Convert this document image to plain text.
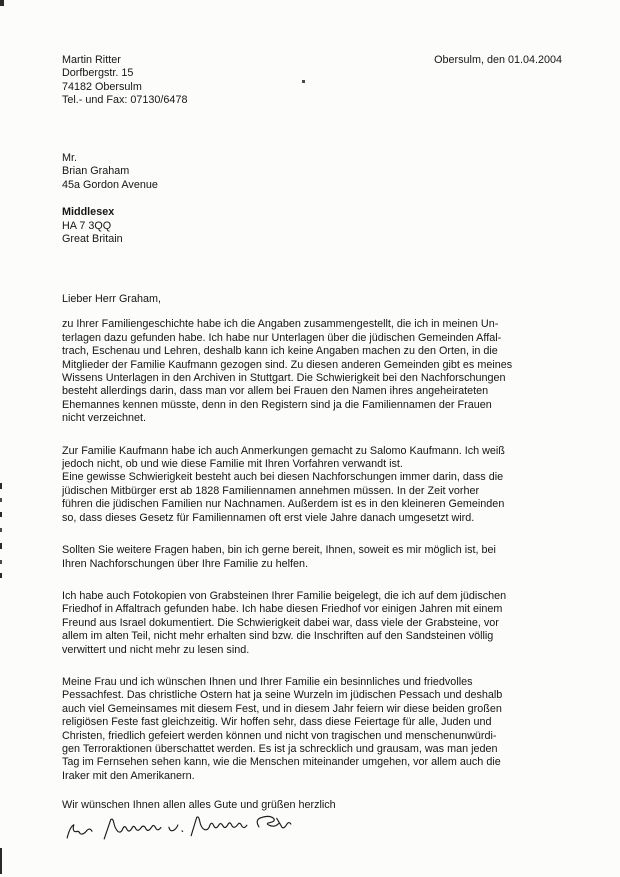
Martin Ritter
Dorfbergstr. 15
74182 Obersulm
Tel.- und Fax: 07130/6478
Obersulm, den 01.04.2004
Mr.
Brian Graham
45a Gordon Avenue
Middlesex
HA 7 3QQ
Great Britain
Lieber Herr Graham,
zu Ihrer Familiengeschichte habe ich die Angaben zusammengestellt, die ich in meinen Un-
terlagen dazu gefunden habe. Ich habe nur Unterlagen über die jüdischen Gemeinden Affal-
trach, Eschenau und Lehren, deshalb kann ich keine Angaben machen zu den Orten, in die
Mitglieder der Familie Kaufmann gezogen sind. Zu diesen anderen Gemeinden gibt es meines
Wissens Unterlagen in den Archiven in Stuttgart. Die Schwierigkeit bei den Nachforschungen
besteht allerdings darin, dass man vor allem bei Frauen den Namen ihres angeheirateten
Ehemannes kennen müsste, denn in den Registern sind ja die Familiennamen der Frauen
nicht verzeichnet.
Zur Familie Kaufmann habe ich auch Anmerkungen gemacht zu Salomo Kaufmann. Ich weiß
jedoch nicht, ob und wie diese Familie mit Ihren Vorfahren verwandt ist.
Eine gewisse Schwierigkeit besteht auch bei diesen Nachforschungen immer darin, dass die
jüdischen Mitbürger erst ab 1828 Familiennamen annehmen müssen. In der Zeit vorher
führen die jüdischen Familien nur Nachnamen. Außerdem ist es in den kleineren Gemeinden
so, dass dieses Gesetz für Familiennamen oft erst viele Jahre danach umgesetzt wird.
Sollten Sie weitere Fragen haben, bin ich gerne bereit, Ihnen, soweit es mir möglich ist, bei
Ihren Nachforschungen über Ihre Familie zu helfen.
Ich habe auch Fotokopien von Grabsteinen Ihrer Familie beigelegt, die ich auf dem jüdischen
Friedhof in Affaltrach gefunden habe. Ich habe diesen Friedhof vor einigen Jahren mit einem
Freund aus Israel dokumentiert. Die Schwierigkeit dabei war, dass viele der Grabsteine, vor
allem im alten Teil, nicht mehr erhalten sind bzw. die Inschriften auf den Sandsteinen völlig
verwittert und nicht mehr zu lesen sind.
Meine Frau und ich wünschen Ihnen und Ihrer Familie ein besinnliches und friedvolles
Pessachfest. Das christliche Ostern hat ja seine Wurzeln im jüdischen Pessach und deshalb
auch viel Gemeinsames mit diesem Fest, und in diesem Jahr feiern wir diese beiden großen
religiösen Feste fast gleichzeitig. Wir hoffen sehr, dass diese Feiertage für alle, Juden und
Christen, friedlich gefeiert werden können und nicht von tragischen und menschenunwürdi-
gen Terroraktionen überschattet werden. Es ist ja schrecklich und grausam, was man jeden
Tag im Fernsehen sehen kann, wie die Menschen miteinander umgehen, vor allem auch die
Iraker mit den Amerikanern.
Wir wünschen Ihnen allen alles Gute und grüßen herzlich
